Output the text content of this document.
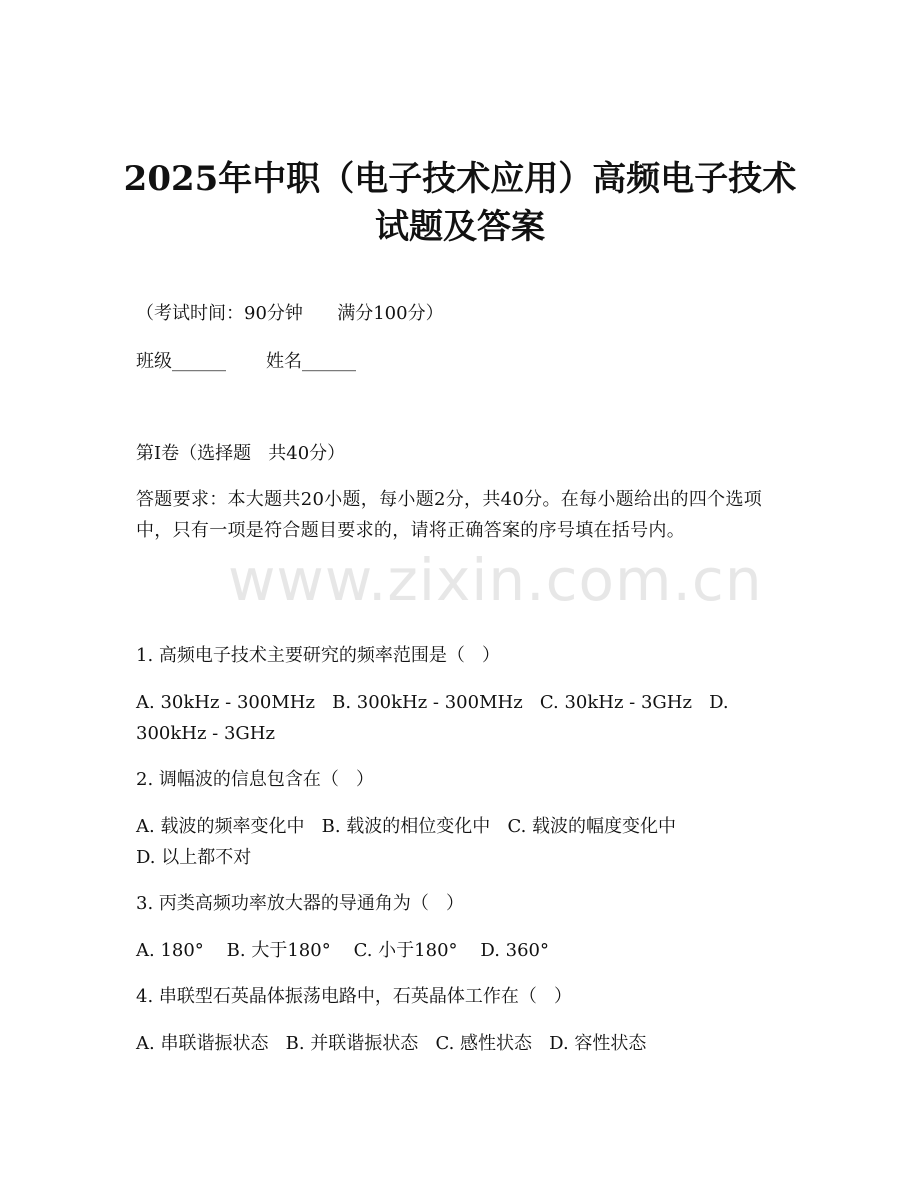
2025年中职（电子技术应用）高频电子技术
试题及答案

（考试时间：90分钟      满分100分）

班级______       姓名______

第I卷（选择题   共40分）

答题要求：本大题共20小题，每小题2分，共40分。在每小题给出的四个选项中，只有一项是符合题目要求的，请将正确答案的序号填在括号内。

www.zixin.com.cn

1. 高频电子技术主要研究的频率范围是（   ）

A. 30kHz - 300MHz   B. 300kHz - 300MHz   C. 30kHz - 3GHz   D.

300kHz - 3GHz

2. 调幅波的信息包含在（   ）

A. 载波的频率变化中   B. 载波的相位变化中   C. 载波的幅度变化中

D. 以上都不对

3. 丙类高频功率放大器的导通角为（   ）

A. 180°    B. 大于180°    C. 小于180°    D. 360°

4. 串联型石英晶体振荡电路中，石英晶体工作在（   ）

A. 串联谐振状态   B. 并联谐振状态   C. 感性状态   D. 容性状态
